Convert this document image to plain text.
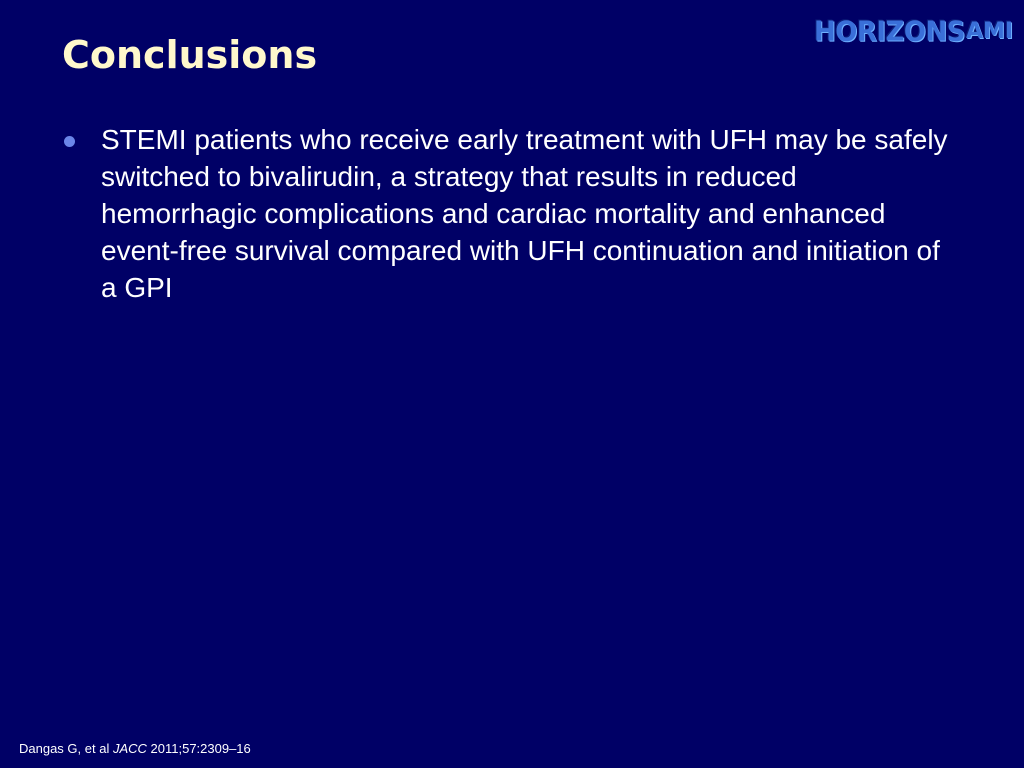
Conclusions
HORIZONSAMI
STEMI patients who receive early treatment with UFH may be safely switched to bivalirudin, a strategy that results in reduced hemorrhagic complications and cardiac mortality and enhanced event-free survival compared with UFH continuation and initiation of a GPI
Dangas G, et al JACC 2011;57:2309–16
